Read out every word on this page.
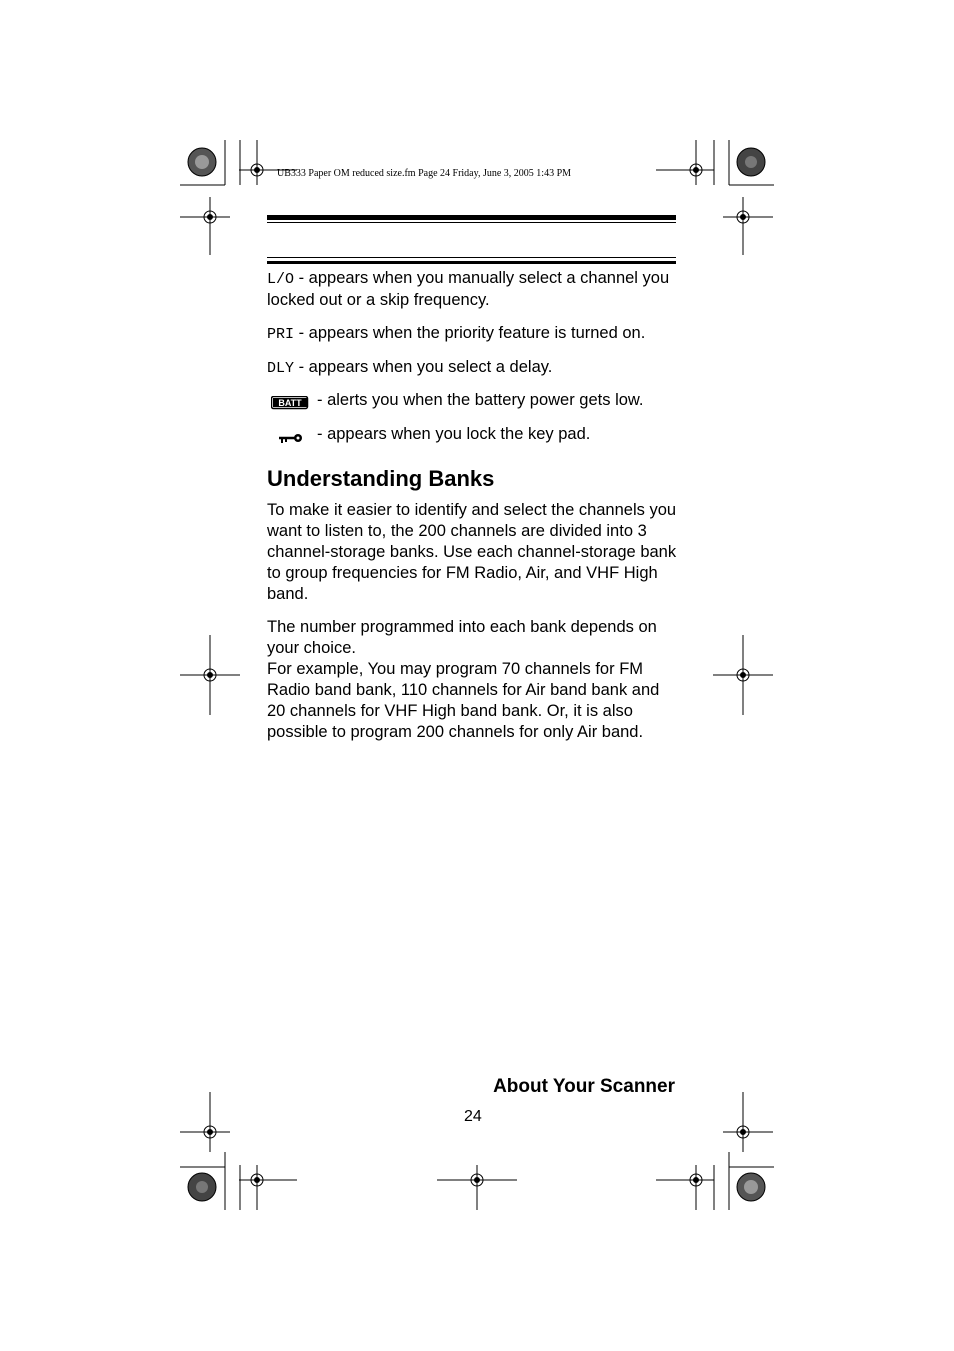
UB333 Paper OM reduced size.fm Page 24 Friday, June 3, 2005 1:43 PM
L/O - appears when you manually select a channel you locked out or a skip frequency.
PRI - appears when the priority feature is turned on.
DLY - appears when you select a delay.
BATT - alerts you when the battery power gets low.
- appears when you lock the key pad.
Understanding Banks
To make it easier to identify and select the channels you want to listen to, the 200 channels are divided into 3 channel-storage banks. Use each channel-storage bank to group frequencies for FM Radio, Air, and VHF High band.
The number programmed into each bank depends on your choice.
For example, You may program 70 channels for FM Radio band bank, 110 channels for Air band bank and 20 channels for VHF High band bank. Or, it is also possible to program 200 channels for only Air band.
About Your Scanner
24
